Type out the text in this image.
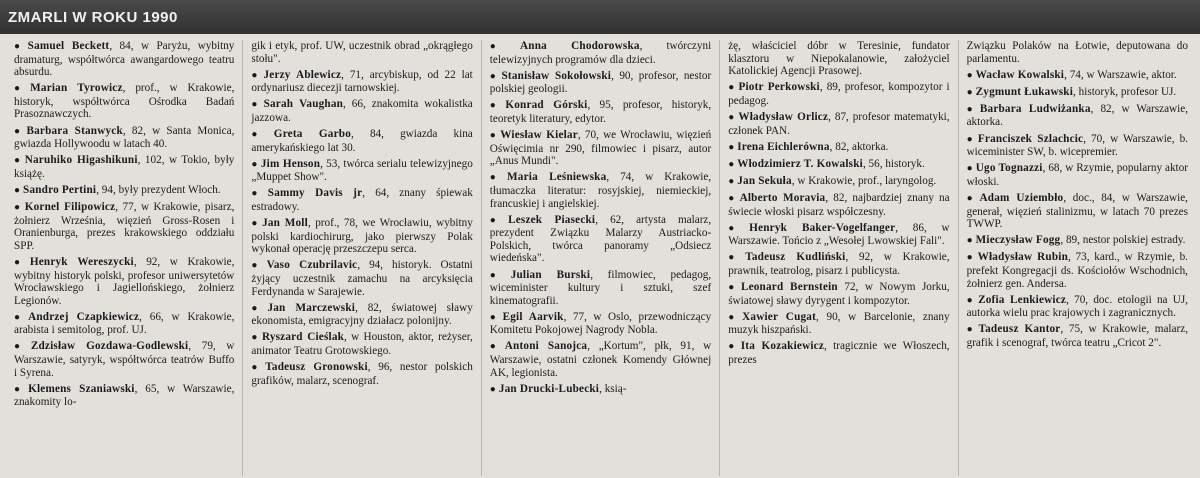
ZMARLI W ROKU 1990

● Samuel Beckett, 84, w Paryżu, wybitny dramaturg, współtwórca awangardowego teatru absurdu.

● Marian Tyrowicz, prof., w Krakowie, historyk, współtwórca Ośrodka Badań Prasoznawczych.

● Barbara Stanwyck, 82, w Santa Monica, gwiazda Hollywoodu w latach 40.

● Naruhiko Higashikuni, 102, w Tokio, były książę.

● Sandro Pertini, 94, były prezydent Włoch.

● Kornel Filipowicz, 77, w Krakowie, pisarz, żołnierz Września, więzień Gross-Rosen i Oranienburga, prezes krakowskiego oddziału SPP.

● Henryk Wereszycki, 92, w Krakowie, wybitny historyk polski, profesor uniwersytetów Wrocławskiego i Jagiellońskiego, żołnierz Legionów.

● Andrzej Czapkiewicz, 66, w Krakowie, arabista i semitolog, prof. UJ.

● Zdzisław Gozdawa-Godlewski, 79, w Warszawie, satyryk, współtwórca teatrów Buffo i Syrena.

● Klemens Szaniawski, 65, w Warszawie, znakomity lo-

gik i etyk, prof. UW, uczestnik obrad „okrągłego stołu".

● Jerzy Ablewicz, 71, arcybiskup, od 22 lat ordynariusz diecezji tarnowskiej.

● Sarah Vaughan, 66, znakomita wokalistka jazzowa.

● Greta Garbo, 84, gwiazda kina amerykańskiego lat 30.

● Jim Henson, 53, twórca serialu telewizyjnego „Muppet Show".

● Sammy Davis jr, 64, znany śpiewak estradowy.

● Jan Moll, prof., 78, we Wrocławiu, wybitny polski kardiochirurg, jako pierwszy Polak wykonał operację przeszczepu serca.

● Vaso Czubrilavic, 94, historyk. Ostatni żyjący uczestnik zamachu na arcyksięcia Ferdynanda w Sarajewie.

● Jan Marczewski, 82, światowej sławy ekonomista, emigracyjny działacz polonijny.

● Ryszard Cieślak, w Houston, aktor, reżyser, animator Teatru Grotowskiego.

● Tadeusz Gronowski, 96, nestor polskich grafików, malarz, scenograf.

● Anna Chodorowska, twórczyni telewizyjnych programów dla dzieci.

● Stanisław Sokołowski, 90, profesor, nestor polskiej geologii.

● Konrad Górski, 95, profesor, historyk, teoretyk literatury, edytor.

● Wiesław Kielar, 70, we Wrocławiu, więzień Oświęcimia nr 290, filmowiec i pisarz, autor „Anus Mundi".

● Maria Leśniewska, 74, w Krakowie, tłumaczka literatur: rosyjskiej, niemieckiej, francuskiej i angielskiej.

● Leszek Piasecki, 62, artysta malarz, prezydent Związku Malarzy Austriacko-Polskich, twórca panoramy „Odsiecz wiedeńska".

● Julian Burski, filmowiec, pedagog, wiceminister kultury i sztuki, szef kinematografii.

● Egil Aarvik, 77, w Oslo, przewodniczący Komitetu Pokojowej Nagrody Nobla.

● Antoni Sanojca, „Kortum", płk, 91, w Warszawie, ostatni członek Komendy Głównej AK, legionista.

● Jan Drucki-Lubecki, ksią-

żę, właściciel dóbr w Teresinie, fundator klasztoru w Niepokalanowie, założyciel Katolickiej Agencji Prasowej.

● Piotr Perkowski, 89, profesor, kompozytor i pedagog.

● Władysław Orlicz, 87, profesor matematyki, członek PAN.

● Irena Eichlerówna, 82, aktorka.

● Włodzimierz T. Kowalski, 56, historyk.

● Jan Sekuła, w Krakowie, prof., laryngolog.

● Alberto Moravia, 82, najbardziej znany na świecie włoski pisarz współczesny.

● Henryk Baker-Vogelfanger, 86, w Warszawie. Tońcio z „Wesołej Lwowskiej Fali".

● Tadeusz Kudliński, 92, w Krakowie, prawnik, teatrolog, pisarz i publicysta.

● Leonard Bernstein 72, w Nowym Jorku, światowej sławy dyrygent i kompozytor.

● Xawier Cugat, 90, w Barcelonie, znany muzyk hiszpański.

● Ita Kozakiewicz, tragicznie we Włoszech, prezes

Związku Polaków na Łotwie, deputowana do parlamentu.

● Wacław Kowalski, 74, w Warszawie, aktor.

● Zygmunt Łukawski, historyk, profesor UJ.

● Barbara Ludwiżanka, 82, w Warszawie, aktorka.

● Franciszek Szlachcic, 70, w Warszawie, b. wiceminister SW, b. wicepremier.

● Ugo Tognazzi, 68, w Rzymie, popularny aktor włoski.

● Adam Uziembło, doc., 84, w Warszawie, generał, więzień stalinizmu, w latach 70 prezes TWWP.

● Mieczysław Fogg, 89, nestor polskiej estrady.

● Władysław Rubin, 73, kard., w Rzymie, b. prefekt Kongregacji ds. Kościołów Wschodnich, żołnierz gen. Andersa.

● Zofia Lenkiewicz, 70, doc. etologii na UJ, autorka wielu prac krajowych i zagranicznych.

● Tadeusz Kantor, 75, w Krakowie, malarz, grafik i scenograf, twórca teatru „Cricot 2".
